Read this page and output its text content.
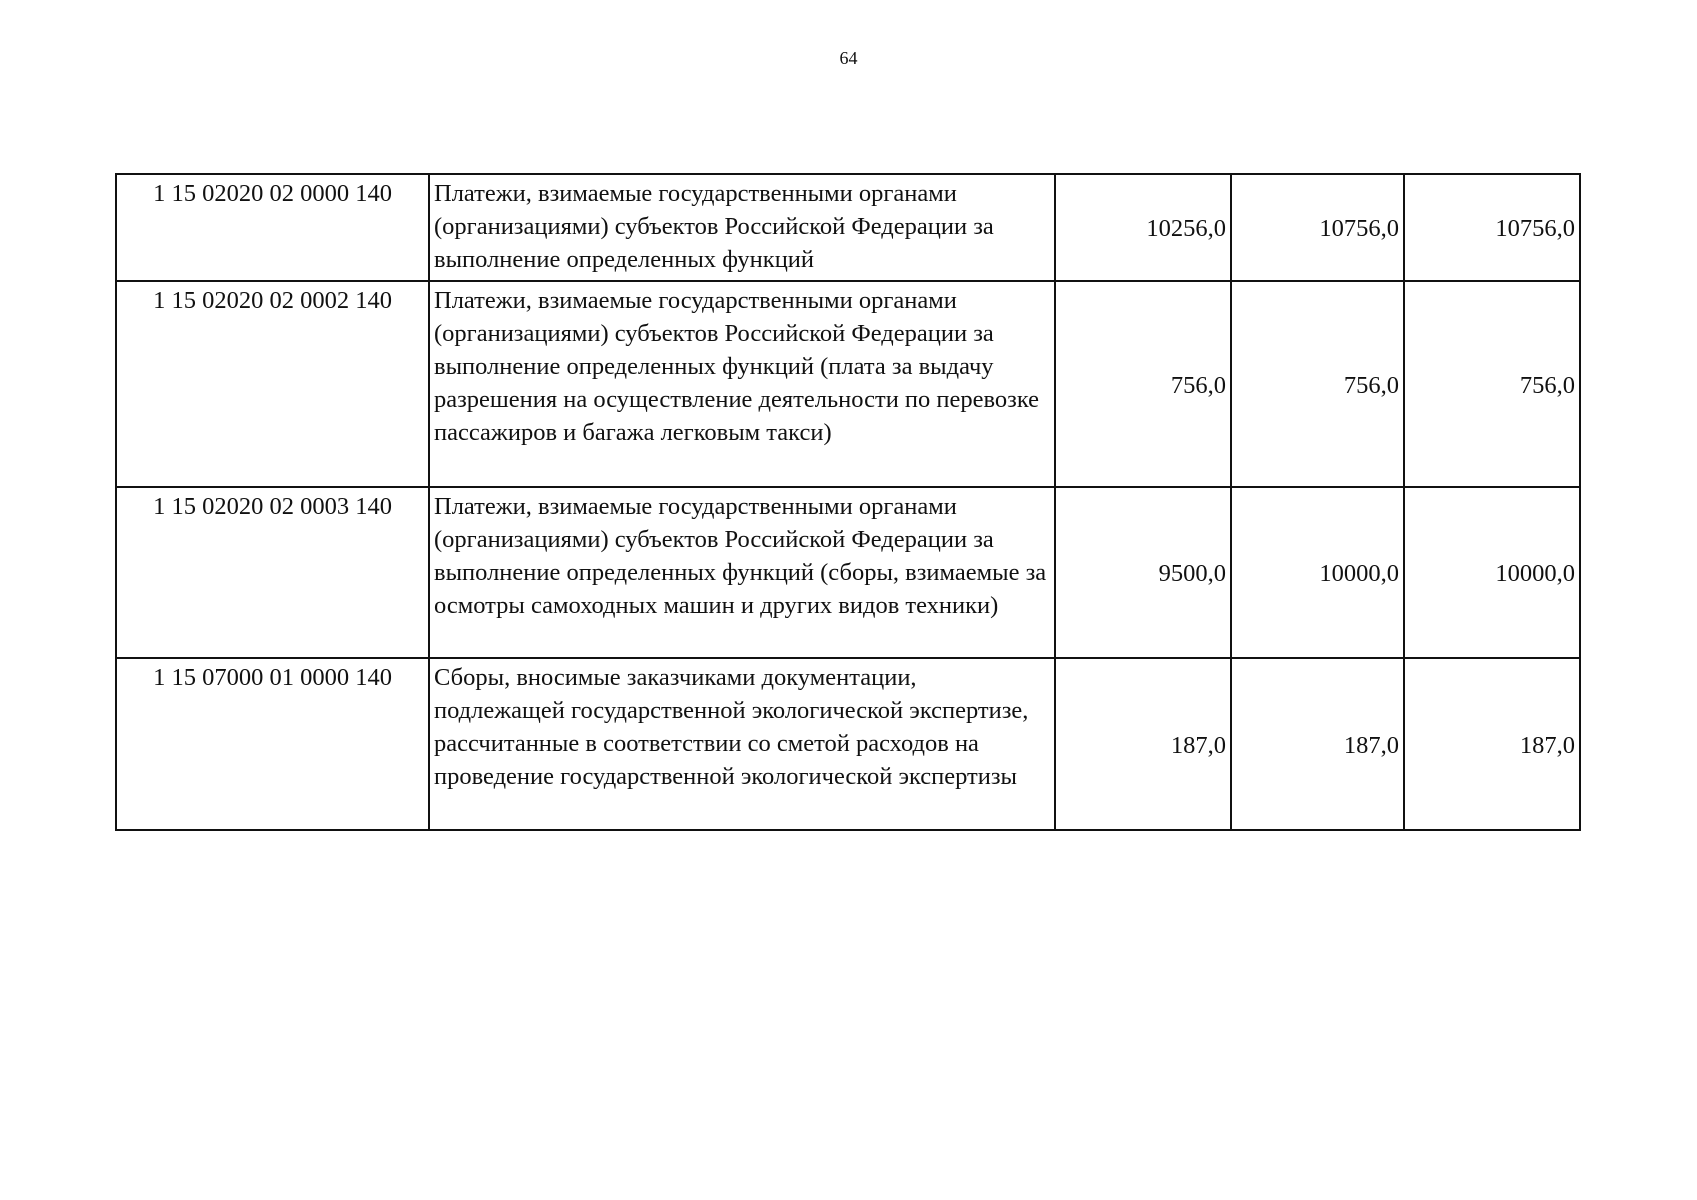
64
1 15 02020 02 0000 140	Платежи, взимаемые государственными органами (организациями) субъектов Российской Федерации за выполнение определенных функций	10256,0	10756,0	10756,0
1 15 02020 02 0002 140	Платежи, взимаемые государственными органами (организациями) субъектов Российской Федерации за выполнение определенных функций (плата за выдачу разрешения на осуществление деятельности по перевозке пассажиров и багажа легковым такси)	756,0	756,0	756,0
1 15 02020 02 0003 140	Платежи, взимаемые государственными органами (организациями) субъектов Российской Федерации за выполнение определенных функций (сборы, взимаемые за осмотры самоходных машин и других видов техники)	9500,0	10000,0	10000,0
1 15 07000 01 0000 140	Сборы, вносимые заказчиками документации, подлежащей государственной экологической экспертизе, рассчитанные в соответствии со сметой расходов на проведение государственной экологической экспертизы	187,0	187,0	187,0
